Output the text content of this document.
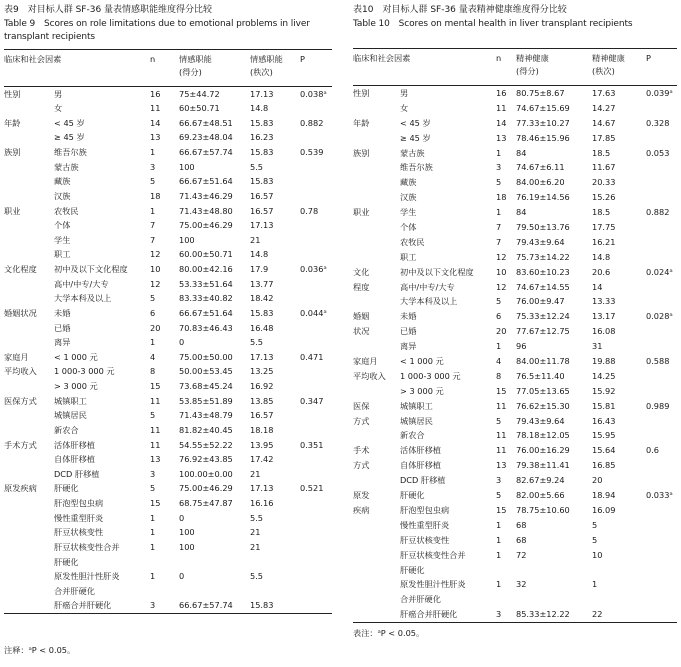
表9　对目标人群 SF-36 量表情感职能维度得分比较
Table 9　Scores on role limitations due to emotional problems in liver transplant recipients
临床和社会因素	n	情感职能
(得分)
情感职能
(秩次)
P
性别	男	16 75±44.72	17.13	0.038ᵃ
女	11 60±50.71	14.8
年龄	< 45 岁	14 66.67±48.51 15.83	0.882
≥ 45 岁	13 69.23±48.04 16.23
族别	维吾尔族	1	66.67±57.74 15.83	0.539
蒙古族	3	100	5.5
藏族	5	66.67±51.64 15.83
汉族	18 71.43±46.29 16.57
职业	农牧民	1	71.43±48.80 16.57	0.78
个体	7	75.00±46.29 17.13
学生	7	100	21
职工	12 60.00±50.71 14.8
文化程度 初中及以下文化程度	10 80.00±42.16 17.9	0.036ᵃ
高中/中专/大专	12 53.33±51.64 13.77
大学本科及以上	5	83.33±40.82 18.42
婚姻状况 未婚	6	66.67±51.64 15.83	0.044ᵃ
已婚	20 70.83±46.43 16.48
离异	1	0	5.5
家庭月	< 1 000 元	4	75.00±50.00 17.13	0.471
平均收入 1 000-3 000 元	8	50.00±53.45 13.25
> 3 000 元	15 73.68±45.24 16.92
医保方式 城镇职工	11 53.85±51.89 13.85	0.347
城镇居民	5	71.43±48.79 16.57
新农合	11 81.82±40.45 18.18
手术方式 活体肝移植	11 54.55±52.22 13.95	0.351
自体肝移植	13 76.92±43.85 17.42
DCD 肝移植	3	100.00±0.00 21
原发疾病 肝硬化	5	75.00±46.29 17.13	0.521
肝泡型包虫病	15 68.75±47.87 16.16
慢性重型肝炎	1	0	5.5
肝豆状核变性	1	100	21
肝豆状核变性合并	1	100	21
肝硬化
原发性胆汁性肝炎	1	0	5.5
合并肝硬化
肝癌合并肝硬化	3	66.67±57.74 15.83
表10　对目标人群 SF-36 量表精神健康维度得分比较
Table 10　Scores on mental health in liver transplant recipients
临床和社会因素	n 精神健康
(得分)
精神健康
(秩次)
P
性别	男	16 80.75±8.67	17.63	0.039ᵃ
女	11 74.67±15.69	14.27
年龄	< 45 岁	14 77.33±10.27	14.67	0.328
≥ 45 岁	13 78.46±15.96	17.85
族别	蒙古族	1 84	18.5	0.053
维吾尔族	3 74.67±6.11	11.67
藏族	5 84.00±6.20	20.33
汉族	18 76.19±14.56	15.26
职业	学生	1 84	18.5	0.882
个体	7 79.50±13.76	17.75
农牧民	7 79.43±9.64	16.21
职工	12 75.73±14.22	14.8
文化	初中及以下文化程度	10 83.60±10.23	20.6	0.024ᵃ
程度	高中/中专/大专	12 74.67±14.55	14
大学本科及以上	5 76.00±9.47	13.33
婚姻	未婚	6 75.33±12.24	13.17	0.028ᵃ
状况	已婚	20 77.67±12.75	16.08
离异	1 96	31
家庭月	< 1 000 元	4 84.00±11.78	19.88	0.588
平均收入 1 000-3 000 元	8 76.5±11.40	14.25
> 3 000 元	15 77.05±13.65	15.92
医保	城镇职工	11 76.62±15.30	15.81	0.989
方式	城镇居民	5 79.43±9.64	16.43
新农合	11 78.18±12.05	15.95
手术	活体肝移植	11 76.00±16.29	15.64	0.6
方式	自体肝移植	13 79.38±11.41	16.85
DCD 肝移植	3 82.67±9.24	20
原发	肝硬化	5 82.00±5.66	18.94	0.033ᵃ
疾病	肝泡型包虫病	15 78.75±10.60	16.09
慢性重型肝炎	1 68	5
肝豆状核变性	1 68	5
肝豆状核变性合并	1 72	10
肝硬化
原发性胆汁性肝炎	1 32	1
合并肝硬化
肝癌合并肝硬化	3 85.33±12.22	22
注释：ᵃP < 0.05。
表注：ᵃP < 0.05。
